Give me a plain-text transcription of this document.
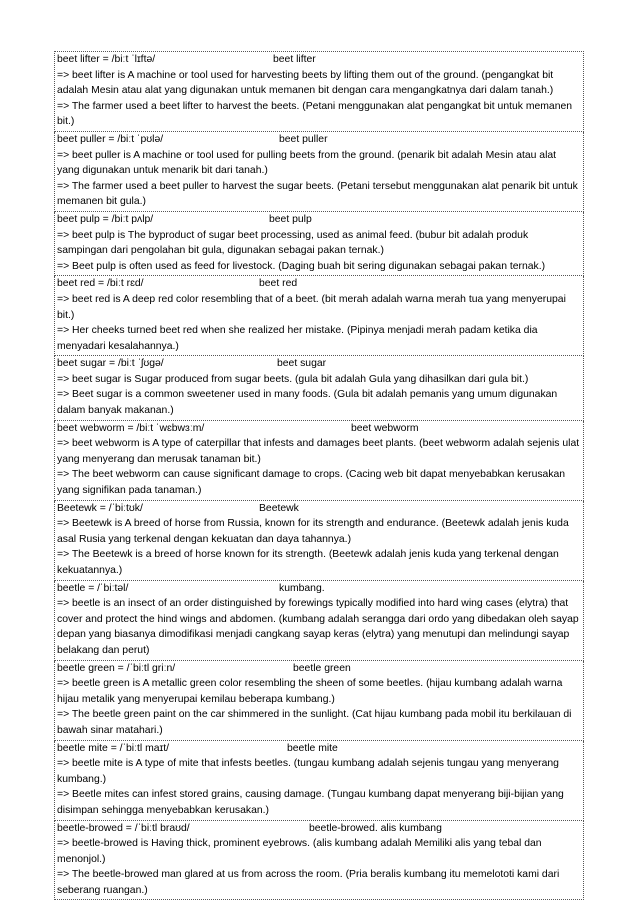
beet lifter = /biːt ˈlɪftə/	beet lifter
=> beet lifter is A machine or tool used for harvesting beets by lifting them out of the ground. (pengangkat bit adalah Mesin atau alat yang digunakan untuk memanen bit dengan cara mengangkatnya dari dalam tanah.)
=> The farmer used a beet lifter to harvest the beets. (Petani menggunakan alat pengangkat bit untuk memanen bit.)
beet puller = /biːt ˈpʊlə/	beet puller
=> beet puller is A machine or tool used for pulling beets from the ground. (penarik bit adalah Mesin atau alat yang digunakan untuk menarik bit dari tanah.)
=> The farmer used a beet puller to harvest the sugar beets. (Petani tersebut menggunakan alat penarik bit untuk memanen bit gula.)
beet pulp = /biːt pʌlp/	beet pulp
=> beet pulp is The byproduct of sugar beet processing, used as animal feed. (bubur bit adalah produk sampingan dari pengolahan bit gula, digunakan sebagai pakan ternak.)
=> Beet pulp is often used as feed for livestock. (Daging buah bit sering digunakan sebagai pakan ternak.)
beet red = /biːt rɛd/	beet red
=> beet red is A deep red color resembling that of a beet. (bit merah adalah warna merah tua yang menyerupai bit.)
=> Her cheeks turned beet red when she realized her mistake. (Pipinya menjadi merah padam ketika dia menyadari kesalahannya.)
beet sugar = /biːt ˈʃʊgə/	beet sugar
=> beet sugar is Sugar produced from sugar beets. (gula bit adalah Gula yang dihasilkan dari gula bit.)
=> Beet sugar is a common sweetener used in many foods. (Gula bit adalah pemanis yang umum digunakan dalam banyak makanan.)
beet webworm = /biːt ˈwɛbwɜːm/	beet webworm
=> beet webworm is A type of caterpillar that infests and damages beet plants. (beet webworm adalah sejenis ulat yang menyerang dan merusak tanaman bit.)
=> The beet webworm can cause significant damage to crops. (Cacing web bit dapat menyebabkan kerusakan yang signifikan pada tanaman.)
Beetewk = /ˈbiːtʊk/	Beetewk
=> Beetewk is A breed of horse from Russia, known for its strength and endurance. (Beetewk adalah jenis kuda asal Rusia yang terkenal dengan kekuatan dan daya tahannya.)
=> The Beetewk is a breed of horse known for its strength. (Beetewk adalah jenis kuda yang terkenal dengan kekuatannya.)
beetle = /ˈbiːtəl/	kumbang.
=> beetle is an insect of an order distinguished by forewings typically modified into hard wing cases (elytra) that cover and protect the hind wings and abdomen. (kumbang adalah serangga dari ordo yang dibedakan oleh sayap depan yang biasanya dimodifikasi menjadi cangkang sayap keras (elytra) yang menutupi dan melindungi sayap belakang dan perut)
beetle green = /ˈbiːtl griːn/	beetle green
=> beetle green is A metallic green color resembling the sheen of some beetles. (hijau kumbang adalah warna hijau metalik yang menyerupai kemilau beberapa kumbang.)
=> The beetle green paint on the car shimmered in the sunlight. (Cat hijau kumbang pada mobil itu berkilauan di bawah sinar matahari.)
beetle mite = /ˈbiːtl maɪt/	beetle mite
=> beetle mite is A type of mite that infests beetles. (tungau kumbang adalah sejenis tungau yang menyerang kumbang.)
=> Beetle mites can infest stored grains, causing damage. (Tungau kumbang dapat menyerang biji-bijian yang disimpan sehingga menyebabkan kerusakan.)
beetle-browed = /ˈbiːtl braʊd/	beetle-browed. alis kumbang
=> beetle-browed is Having thick, prominent eyebrows. (alis kumbang adalah Memiliki alis yang tebal dan menonjol.)
=> The beetle-browed man glared at us from across the room. (Pria beralis kumbang itu memelototi kami dari seberang ruangan.)
